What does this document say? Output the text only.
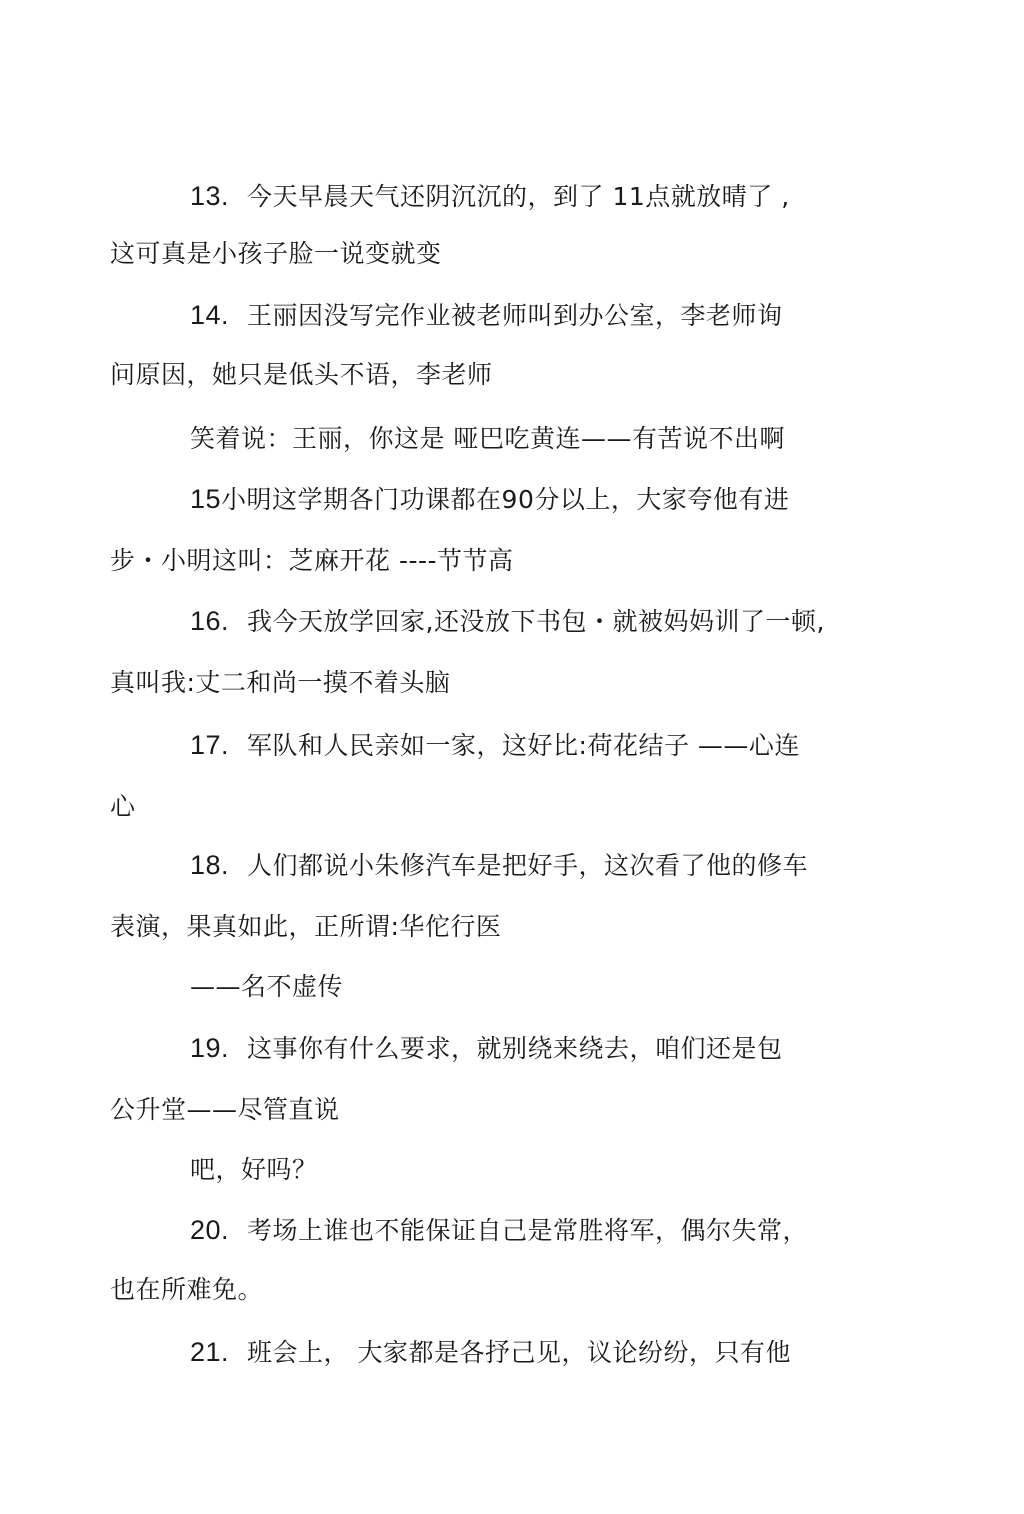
13. 今天早晨天气还阴沉沉的，到了 11点就放晴了 ,
这可真是小孩子脸一说变就变
14. 王丽因没写完作业被老师叫到办公室，李老师询
问原因，她只是低头不语，李老师
笑着说：王丽，你这是 哑巴吃黄连——有苦说不出啊
15小明这学期各门功课都在90分以上，大家夸他有进
步・小明这叫：芝麻开花 ----节节高
16. 我今天放学回家,还没放下书包・就被妈妈训了一顿,
真叫我:丈二和尚一摸不着头脑
17. 军队和人民亲如一家，这好比:荷花结子 ——心连
心
18. 人们都说小朱修汽车是把好手，这次看了他的修车
表演，果真如此，正所谓:华佗行医
——名不虚传
19. 这事你有什么要求，就别绕来绕去，咱们还是包
公升堂——尽管直说
吧，好吗？
20. 考场上谁也不能保证自己是常胜将军，偶尔失常，
也在所难免。
21. 班会上， 大家都是各抒己见，议论纷纷，只有他
